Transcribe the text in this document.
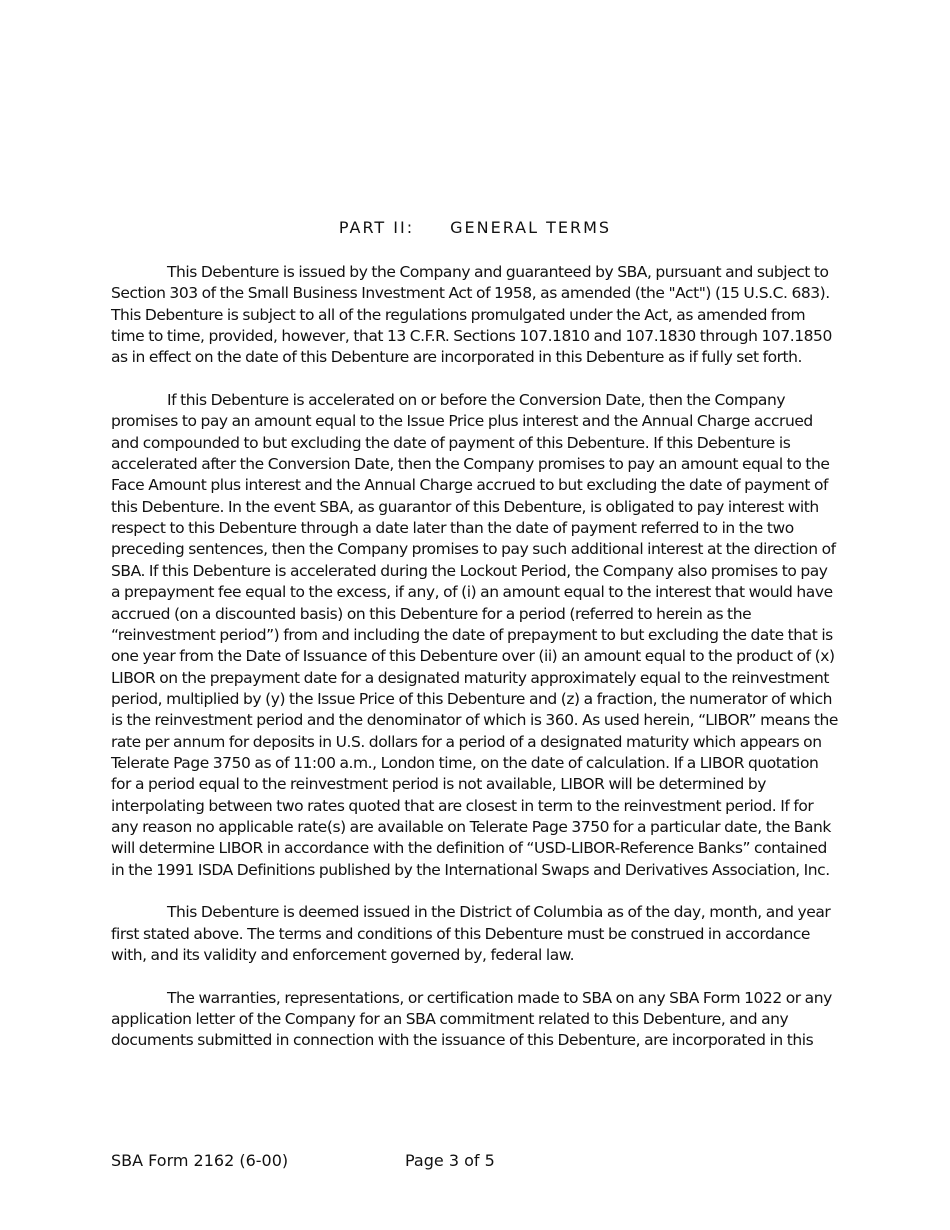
PART II: GENERAL TERMS

This Debenture is issued by the Company and guaranteed by SBA, pursuant and subject to Section 303 of the Small Business Investment Act of 1958, as amended (the "Act") (15 U.S.C. 683). This Debenture is subject to all of the regulations promulgated under the Act, as amended from time to time, provided, however, that 13 C.F.R. Sections 107.1810 and 107.1830 through 107.1850 as in effect on the date of this Debenture are incorporated in this Debenture as if fully set forth.

If this Debenture is accelerated on or before the Conversion Date, then the Company promises to pay an amount equal to the Issue Price plus interest and the Annual Charge accrued and compounded to but excluding the date of payment of this Debenture. If this Debenture is accelerated after the Conversion Date, then the Company promises to pay an amount equal to the Face Amount plus interest and the Annual Charge accrued to but excluding the date of payment of this Debenture. In the event SBA, as guarantor of this Debenture, is obligated to pay interest with respect to this Debenture through a date later than the date of payment referred to in the two preceding sentences, then the Company promises to pay such additional interest at the direction of SBA. If this Debenture is accelerated during the Lockout Period, the Company also promises to pay a prepayment fee equal to the excess, if any, of (i) an amount equal to the interest that would have accrued (on a discounted basis) on this Debenture for a period (referred to herein as the “reinvestment period”) from and including the date of prepayment to but excluding the date that is one year from the Date of Issuance of this Debenture over (ii) an amount equal to the product of (x) LIBOR on the prepayment date for a designated maturity approximately equal to the reinvestment period, multiplied by (y) the Issue Price of this Debenture and (z) a fraction, the numerator of which is the reinvestment period and the denominator of which is 360. As used herein, “LIBOR” means the rate per annum for deposits in U.S. dollars for a period of a designated maturity which appears on Telerate Page 3750 as of 11:00 a.m., London time, on the date of calculation. If a LIBOR quotation for a period equal to the reinvestment period is not available, LIBOR will be determined by interpolating between two rates quoted that are closest in term to the reinvestment period. If for any reason no applicable rate(s) are available on Telerate Page 3750 for a particular date, the Bank will determine LIBOR in accordance with the definition of “USD-LIBOR-Reference Banks” contained in the 1991 ISDA Definitions published by the International Swaps and Derivatives Association, Inc.

This Debenture is deemed issued in the District of Columbia as of the day, month, and year first stated above. The terms and conditions of this Debenture must be construed in accordance with, and its validity and enforcement governed by, federal law.

The warranties, representations, or certification made to SBA on any SBA Form 1022 or any application letter of the Company for an SBA commitment related to this Debenture, and any documents submitted in connection with the issuance of this Debenture, are incorporated in this

SBA Form 2162 (6-00)	Page 3 of 5
